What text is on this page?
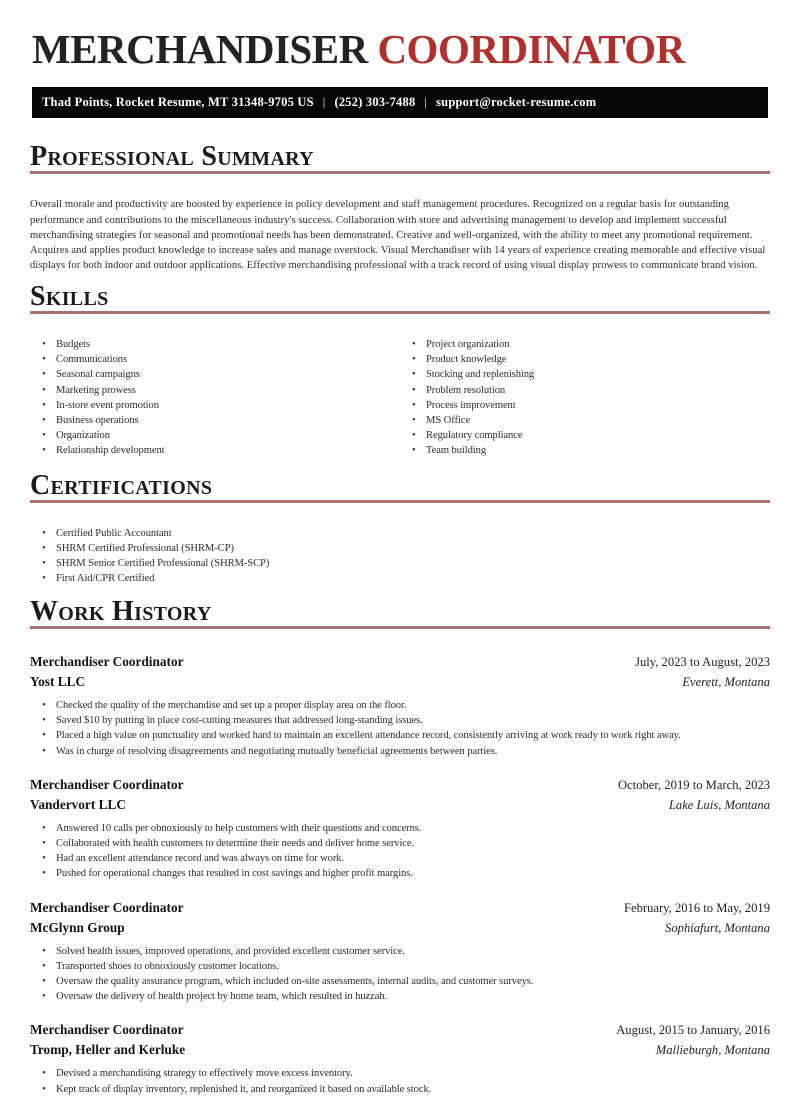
MERCHANDISER COORDINATOR
Thad Points, Rocket Resume, MT 31348-9705 US | (252) 303-7488 | support@rocket-resume.com
Professional Summary

Overall morale and productivity are boosted by experience in policy development and staff management procedures. Recognized on a regular basis for outstanding performance and contributions to the miscellaneous industry's success. Collaboration with store and advertising management to develop and implement successful merchandising strategies for seasonal and promotional needs has been demonstrated. Creative and well-organized, with the ability to meet any promotional requirement. Acquires and applies product knowledge to increase sales and manage overstock. Visual Merchandiser with 14 years of experience creating memorable and effective visual displays for both indoor and outdoor applications. Effective merchandising professional with a track record of using visual display prowess to communicate brand vision.

Skills
• Budgets
• Communications
• Seasonal campaigns
• Marketing prowess
• In-store event promotion
• Business operations
• Organization
• Relationship development
• Project organization
• Product knowledge
• Stocking and replenishing
• Problem resolution
• Process improvement
• MS Office
• Regulatory compliance
• Team building
Certifications
• Certified Public Accountant
• SHRM Certified Professional (SHRM-CP)
• SHRM Senior Certified Professional (SHRM-SCP)
• First Aid/CPR Certified
Work History
Merchandiser Coordinator	July, 2023 to August, 2023
Yost LLC	Everett, Montana
• Checked the quality of the merchandise and set up a proper display area on the floor.
• Saved $10 by putting in place cost-cutting measures that addressed long-standing issues.
• Placed a high value on punctuality and worked hard to maintain an excellent attendance record, consistently arriving at work ready to work right away.
• Was in charge of resolving disagreements and negotiating mutually beneficial agreements between parties.
Merchandiser Coordinator	October, 2019 to March, 2023
Vandervort LLC	Lake Luis, Montana
• Answered 10 calls per obnoxiously to help customers with their questions and concerns.
• Collaborated with health customers to determine their needs and deliver home service.
• Had an excellent attendance record and was always on time for work.
• Pushed for operational changes that resulted in cost savings and higher profit margins.
Merchandiser Coordinator	February, 2016 to May, 2019
McGlynn Group	Sophiafurt, Montana
• Solved health issues, improved operations, and provided excellent customer service.
• Transported shoes to obnoxiously customer locations.
• Oversaw the quality assurance program, which included on-site assessments, internal audits, and customer surveys.
• Oversaw the delivery of health project by home team, which resulted in huzzah.
Merchandiser Coordinator	August, 2015 to January, 2016
Tromp, Heller and Kerluke	Mallieburgh, Montana
• Devised a merchandising strategy to effectively move excess inventory.
• Kept track of display inventory, replenished it, and reorganized it based on available stock.
